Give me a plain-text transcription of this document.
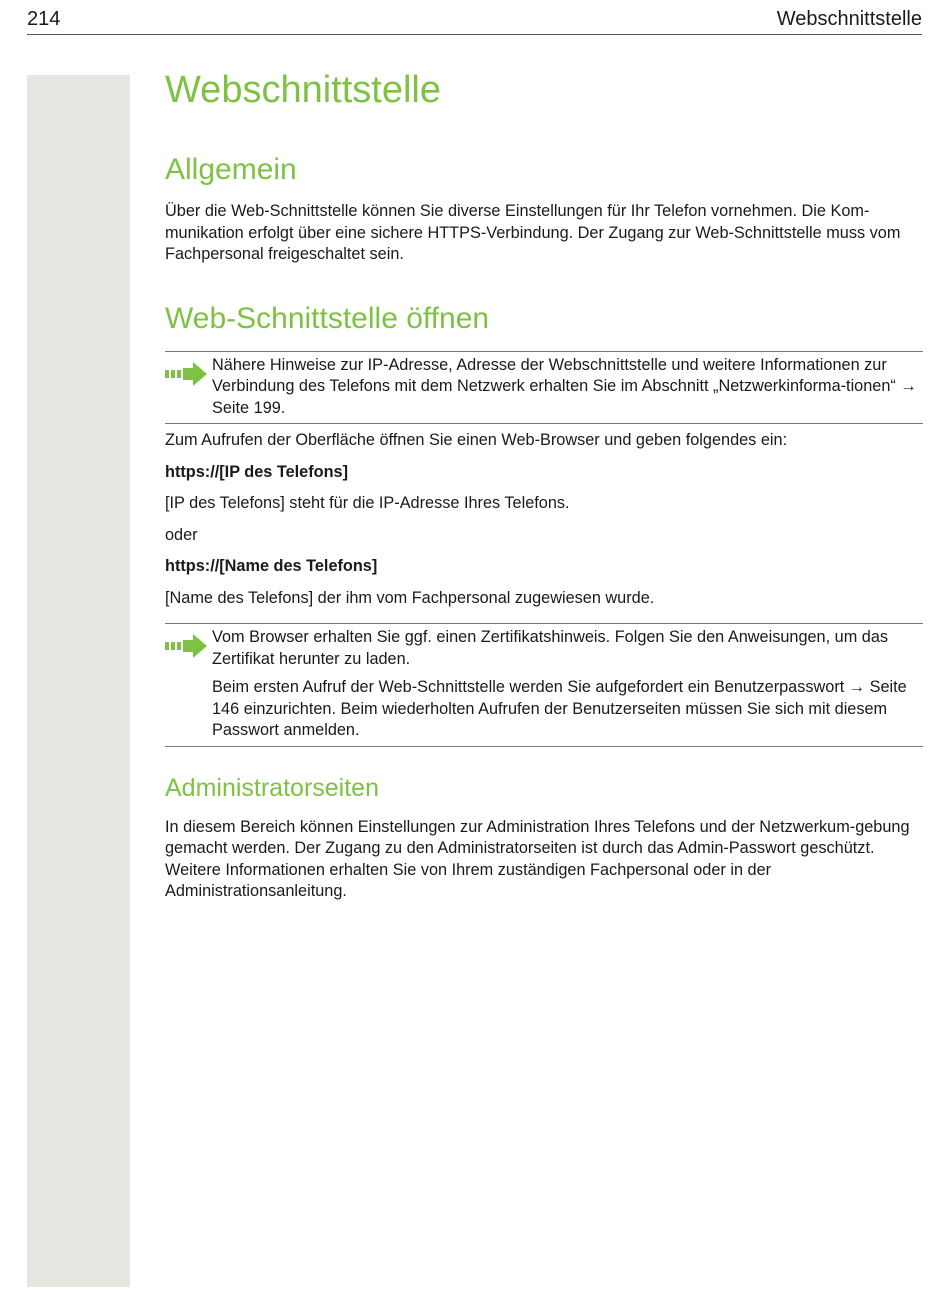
214	Webschnittstelle
Webschnittstelle
Allgemein

Über die Web-Schnittstelle können Sie diverse Einstellungen für Ihr Telefon vornehmen. Die Kom-munikation erfolgt über eine sichere HTTPS-Verbindung. Der Zugang zur Web-Schnittstelle muss vom Fachpersonal freigeschaltet sein.

Web-Schnittstelle öffnen

Nähere Hinweise zur IP-Adresse, Adresse der Webschnittstelle und weitere Informationen zur Verbindung des Telefons mit dem Netzwerk erhalten Sie im Abschnitt „Netzwerkinforma-tionen“ → Seite 199.

Zum Aufrufen der Oberfläche öffnen Sie einen Web-Browser und geben folgendes ein:

https://[IP des Telefons]

[IP des Telefons] steht für die IP-Adresse Ihres Telefons.

oder

https://[Name des Telefons]

[Name des Telefons] der ihm vom Fachpersonal zugewiesen wurde.

Vom Browser erhalten Sie ggf. einen Zertifikatshinweis. Folgen Sie den Anweisungen, um das Zertifikat herunter zu laden.

Beim ersten Aufruf der Web-Schnittstelle werden Sie aufgefordert ein Benutzerpasswort → Seite 146 einzurichten. Beim wiederholten Aufrufen der Benutzerseiten müssen Sie sich mit diesem Passwort anmelden.

Administratorseiten

In diesem Bereich können Einstellungen zur Administration Ihres Telefons und der Netzwerkum-gebung gemacht werden. Der Zugang zu den Administratorseiten ist durch das Admin-Passwort geschützt. Weitere Informationen erhalten Sie von Ihrem zuständigen Fachpersonal oder in der Administrationsanleitung.
